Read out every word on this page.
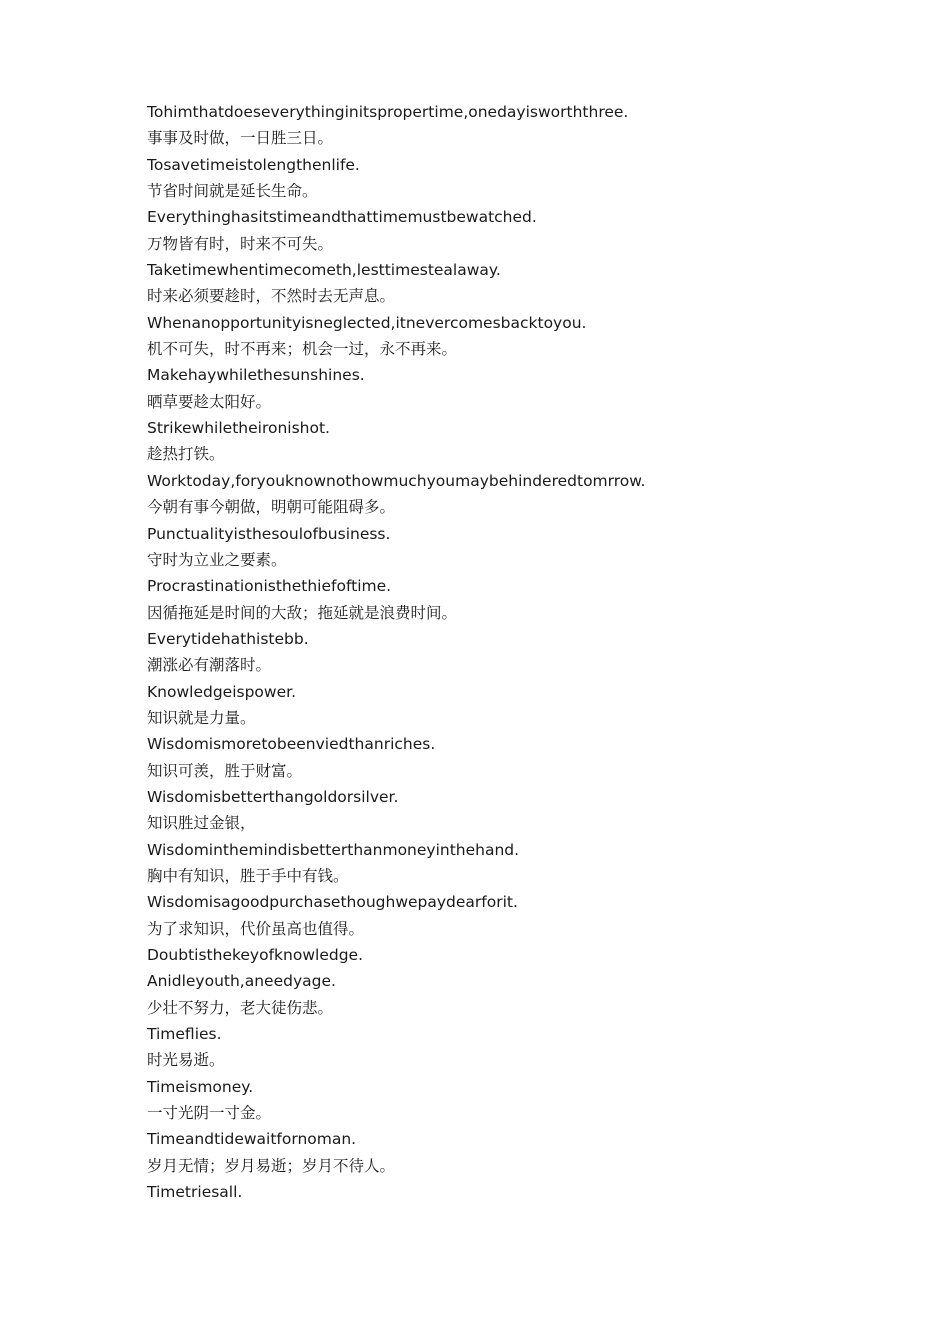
Tohimthatdoeseverythinginitspropertime,onedayisworththree.
事事及时做，一日胜三日。
Tosavetimeistolengthenlife.
节省时间就是延长生命。
Everythinghasitstimeandthattimemustbewatched.
万物皆有时，时来不可失。
Taketimewhentimecometh,lesttimestealaway.
时来必须要趁时，不然时去无声息。
Whenanopportunityisneglected,itnevercomesbacktoyou.
机不可失，时不再来；机会一过，永不再来。
Makehaywhilethesunshines.
晒草要趁太阳好。
Strikewhiletheironishot.
趁热打铁。
Worktoday,foryouknownothowmuchyoumaybehinderedtomrrow.
今朝有事今朝做，明朝可能阻碍多。
Punctualityisthesoulofbusiness.
守时为立业之要素。
Procrastinationisthethiefoftime.
因循拖延是时间的大敌；拖延就是浪费时间。
Everytidehathistebb.
潮涨必有潮落时。
Knowledgeispower.
知识就是力量。
Wisdomismoretobeenviedthanriches.
知识可羡，胜于财富。
Wisdomisbetterthangoldorsilver.
知识胜过金银，
Wisdominthemindisbetterthanmoneyinthehand.
胸中有知识，胜于手中有钱。
Wisdomisagoodpurchasethoughwepaydearforit.
为了求知识，代价虽高也值得。
Doubtisthekeyofknowledge.
Anidleyouth,aneedyage.
少壮不努力，老大徒伤悲。
Timeflies.
时光易逝。
Timeismoney.
一寸光阴一寸金。
Timeandtidewaitfornoman.
岁月无情；岁月易逝；岁月不待人。
Timetriesall.
